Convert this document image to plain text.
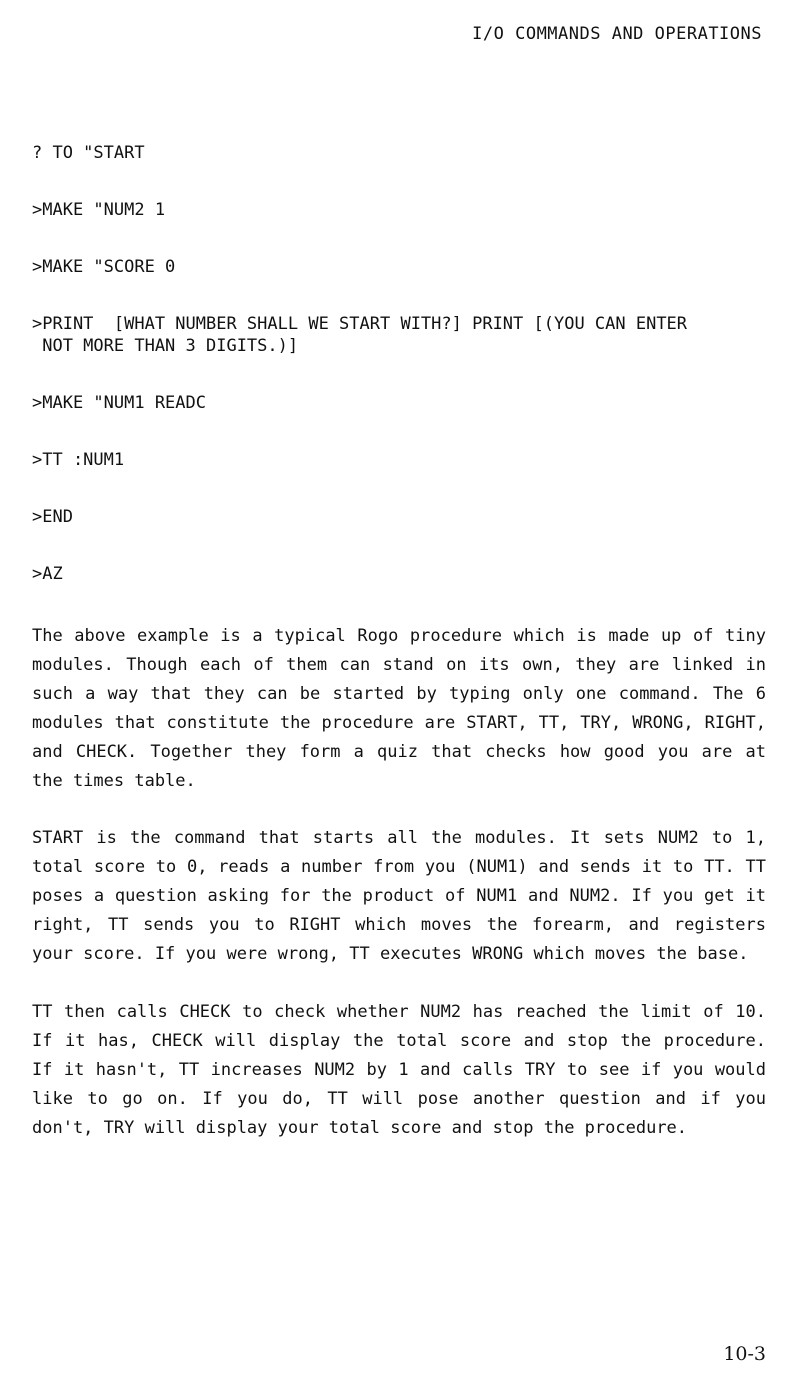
I/O COMMANDS AND OPERATIONS
? TO "START
>MAKE "NUM2 1
>MAKE "SCORE 0
>PRINT  [WHAT NUMBER SHALL WE START WITH?] PRINT [(YOU CAN ENTER
NOT MORE THAN 3 DIGITS.)]
>MAKE "NUM1 READC
>TT :NUM1
>END
>AZ
The above example is a typical Rogo procedure which is made up of tiny modules. Though each of them can stand on its own, they are linked in such a way that they can be started by typing only one command. The 6 modules that constitute the procedure are START, TT, TRY, WRONG, RIGHT, and CHECK. Together they form a quiz that checks how good you are at the times table.
START is the command that starts all the modules. It sets NUM2 to 1, total score to 0, reads a number from you (NUM1) and sends it to TT. TT poses a question asking for the product of NUM1 and NUM2. If you get it right, TT sends you to RIGHT which moves the forearm, and registers your score. If you were wrong, TT executes WRONG which moves the base.
TT then calls CHECK to check whether NUM2 has reached the limit of 10. If it has, CHECK will display the total score and stop the procedure. If it hasn't, TT increases NUM2 by 1 and calls TRY to see if you would like to go on. If you do, TT will pose another question and if you don't, TRY will display your total score and stop the procedure.
10-3
